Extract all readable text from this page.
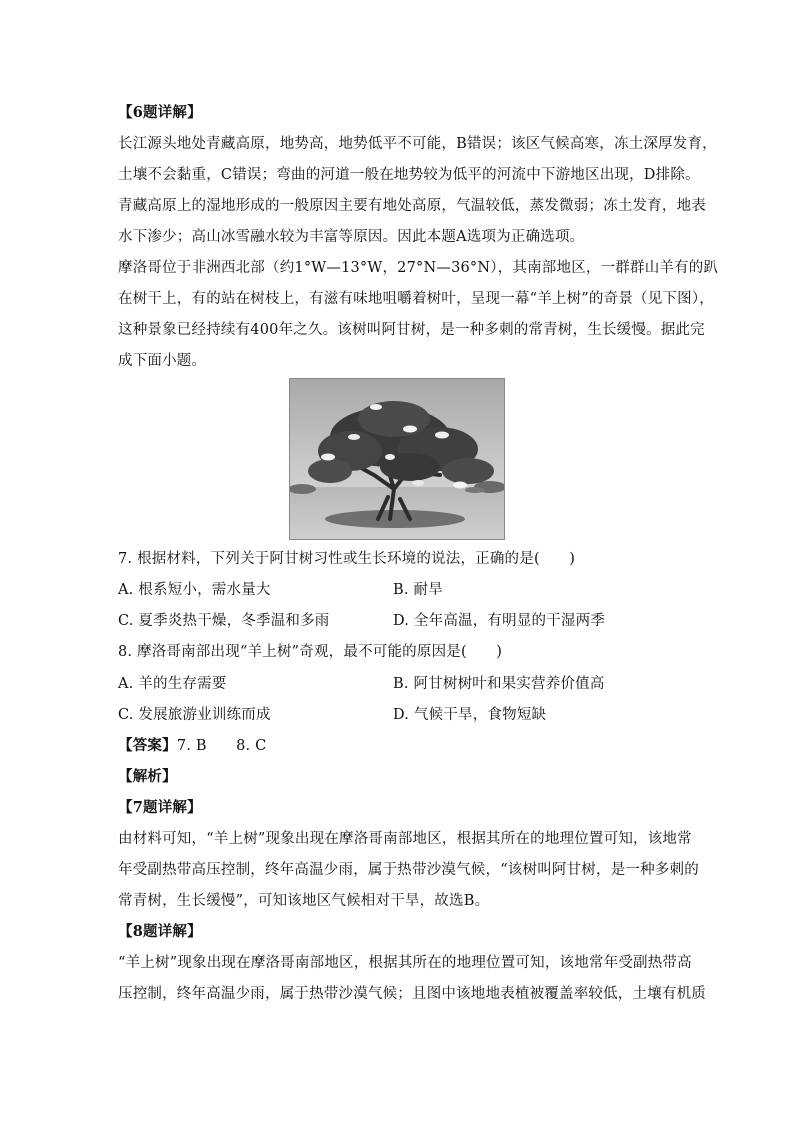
【6题详解】
长江源头地处青藏高原，地势高，地势低平不可能，B错误；该区气候高寒，冻土深厚发育，
土壤不会黏重，C错误；弯曲的河道一般在地势较为低平的河流中下游地区出现，D排除。
青藏高原上的湿地形成的一般原因主要有地处高原，气温较低，蒸发微弱；冻土发育，地表
水下渗少；高山冰雪融水较为丰富等原因。因此本题A选项为正确选项。
摩洛哥位于非洲西北部（约1°W—13°W，27°N—36°N），其南部地区，一群群山羊有的趴
在树干上，有的站在树枝上，有滋有味地咀嚼着树叶，呈现一幕“羊上树”的奇景（见下图），
这种景象已经持续有400年之久。该树叫阿甘树，是一种多刺的常青树，生长缓慢。据此完
成下面小题。
7. 根据材料，下列关于阿甘树习性或生长环境的说法，正确的是(　　)
A. 根系短小，需水量大	B. 耐旱
C. 夏季炎热干燥，冬季温和多雨	D. 全年高温，有明显的干湿两季
8. 摩洛哥南部出现“羊上树”奇观，最不可能的原因是(　　)
A. 羊的生存需要	B. 阿甘树树叶和果实营养价值高
C. 发展旅游业训练而成	D. 气候干旱，食物短缺
【答案】7. B　　8. C
【解析】
【7题详解】
由材料可知，“羊上树”现象出现在摩洛哥南部地区，根据其所在的地理位置可知，该地常
年受副热带高压控制，终年高温少雨，属于热带沙漠气候，“该树叫阿甘树，是一种多刺的
常青树，生长缓慢”，可知该地区气候相对干旱，故选B。
【8题详解】
“羊上树”现象出现在摩洛哥南部地区，根据其所在的地理位置可知，该地常年受副热带高
压控制，终年高温少雨，属于热带沙漠气候；且图中该地地表植被覆盖率较低，土壤有机质
